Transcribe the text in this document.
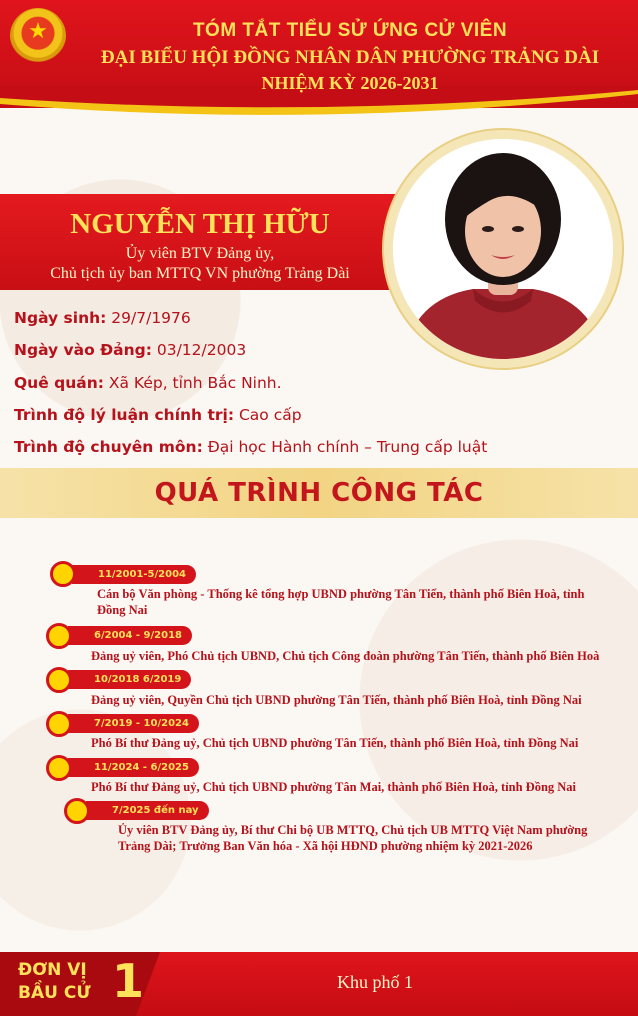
★	TÓM TẮT TIỂU SỬ ỨNG CỬ VIÊN
ĐẠI BIỂU HỘI ĐỒNG NHÂN DÂN PHƯỜNG TRẢNG DÀI
NHIỆM KỲ 2026-2031
NGUYỄN THỊ HỮU
Ủy viên BTV Đảng ủy,
Chủ tịch ủy ban MTTQ VN phường Trảng Dài
Ngày sinh: 29/7/1976
Ngày vào Đảng: 03/12/2003
Quê quán: Xã Kép, tỉnh Bắc Ninh.
Trình độ lý luận chính trị: Cao cấp
Trình độ chuyên môn: Đại học Hành chính – Trung cấp luật
QUÁ TRÌNH CÔNG TÁC
11/2001-5/2004
Cán bộ Văn phòng - Thống kê tổng hợp UBND phường Tân Tiến, thành phố Biên Hoà, tỉnh Đồng Nai
6/2004 - 9/2018
Đảng uỷ viên, Phó Chủ tịch UBND, Chủ tịch Công đoàn phường Tân Tiến, thành phố Biên Hoà
10/2018 6/2019
Đảng uỷ viên, Quyền Chủ tịch UBND phường Tân Tiến, thành phố Biên Hoà, tỉnh Đồng Nai
7/2019 - 10/2024
Phó Bí thư Đảng uỷ, Chủ tịch UBND phường Tân Tiến, thành phố Biên Hoà, tỉnh Đồng Nai
11/2024 - 6/2025
Phó Bí thư Đảng uỷ, Chủ tịch UBND phường Tân Mai, thành phố Biên Hoà, tỉnh Đồng Nai
7/2025 đến nay
Ủy viên BTV Đảng ủy, Bí thư Chi bộ UB MTTQ, Chủ tịch UB MTTQ Việt Nam phường Trảng Dài; Trưởng Ban Văn hóa - Xã hội HĐND phường nhiệm kỳ 2021-2026
ĐƠN VỊ
BẦU CỬ 1	Khu phố 1
